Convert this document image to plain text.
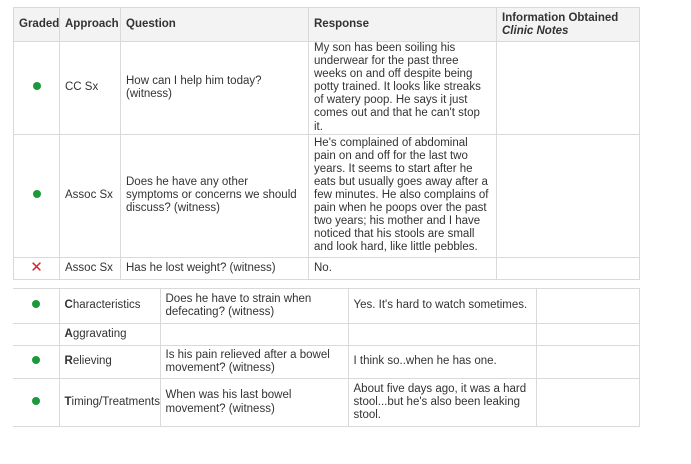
Graded	Approach	Question	Response	Information Obtained
Clinic Notes

	CC Sx	How can I help him today? (witness)	My son has been soiling his underwear for the past three weeks on and off despite being potty trained. It looks like streaks of watery poop. He says it just comes out and that he can't stop it.	
	Assoc Sx	Does he have any other symptoms or concerns we should discuss? (witness)	He's complained of abdominal pain on and off for the last two years. It seems to start after he eats but usually goes away after a few minutes. He also complains of pain when he poops over the past two years; his mother and I have noticed that his stools are small and look hard, like little pebbles.	
✕	Assoc Sx	Has he lost weight? (witness)	No.	
	Characteristics	Does he have to strain when defecating? (witness)	Yes. It's hard to watch sometimes.	
	Aggravating			
	Relieving	Is his pain relieved after a bowel movement? (witness)	I think so..when he has one.	
	Timing/Treatments	When was his last bowel movement? (witness)	About five days ago, it was a hard stool...but he's also been leaking stool.	
